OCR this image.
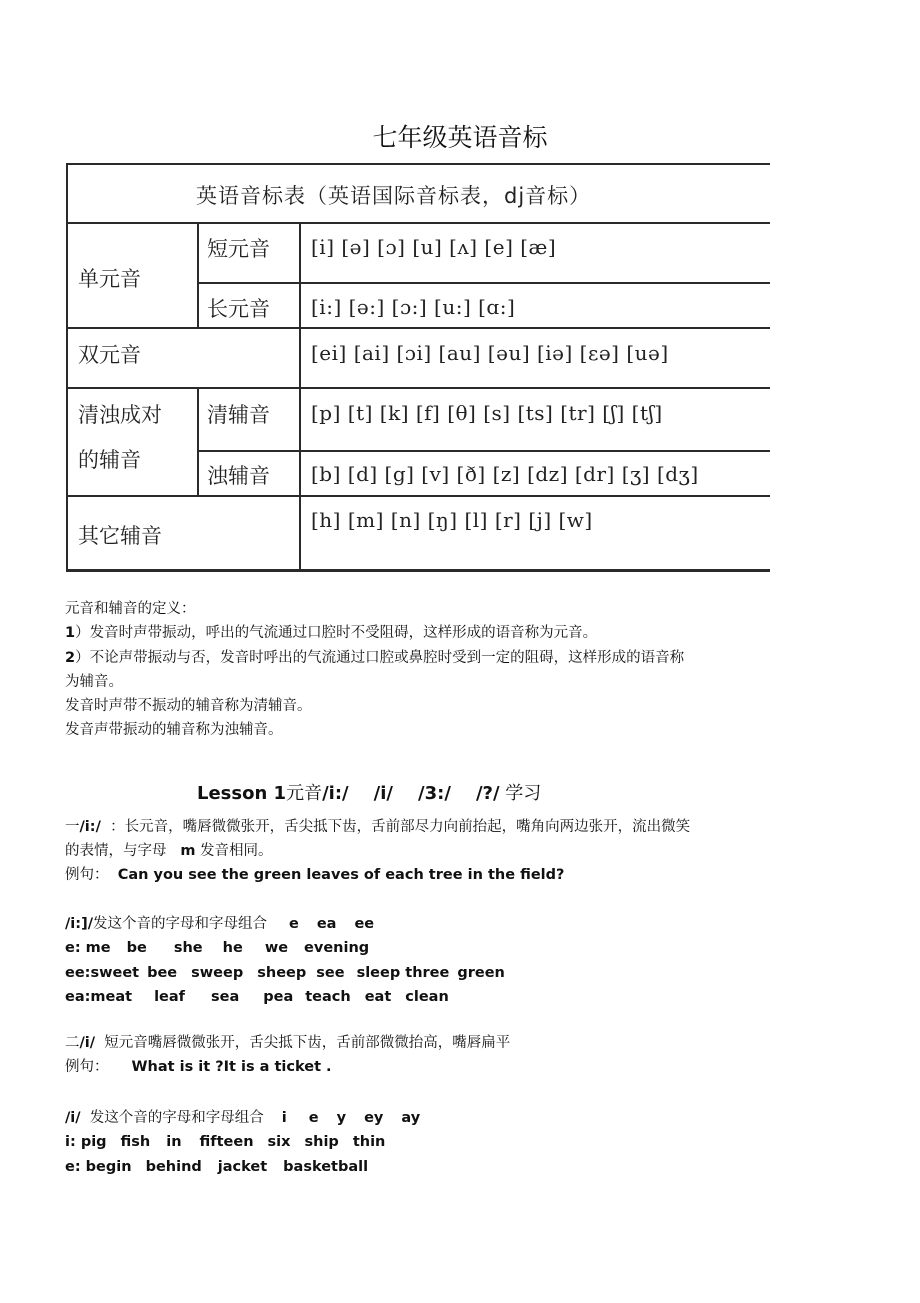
七年级英语音标
英语音标表（英语国际音标表，dj音标）
单元音
短元音 [i] [ə] [ɔ] [u] [ʌ] [e] [æ]
长元音 [i:] [ə:] [ɔ:] [u:] [ɑ:]
双元音	[ei] [ai] [ɔi] [au] [əu] [iə] [εə] [uə]
清浊成对
的辅音
清辅音 [p] [t] [k] [f] [θ] [s] [ts] [tr] [ʃ] [tʃ]
浊辅音 [b] [d] [g] [v] [ð] [z] [dz] [dr] [ʒ] [dʒ]
其它辅音
[h] [m] [n] [ŋ] [l] [r] [j] [w]
元音和辅音的定义：
1）发音时声带振动，呼出的气流通过口腔时不受阻碍，这样形成的语音称为元音。
2）不论声带振动与否，发音时呼出的气流通过口腔或鼻腔时受到一定的阻碍，这样形成的语音称
为辅音。
发音时声带不振动的辅音称为清辅音。
发音声带振动的辅音称为浊辅音。
Lesson 1元音/i:/    /i/    /3:/    /?/ 学习
一/i:/ ：长元音，嘴唇微微张开，舌尖抵下齿，舌前部尽力向前抬起，嘴角向两边张开，流出微笑
的表情，与字母 m 发音相同。
例句： Can you see the green leaves of each tree in the field?
/i:]/发这个音的字母和字母组合 e ea ee
e: me be she he we evening
ee:sweet bee sweep sheep see sleep three green
ea:meat leaf sea pea teach eat clean
二/i/ 短元音嘴唇微微张开，舌尖抵下齿，舌前部微微抬高，嘴唇扁平
例句： What is it ?It is a ticket .
/i/ 发这个音的字母和字母组合 i e y ey ay
i: pig fish in fifteen six ship thin
e: begin behind jacket basketball
